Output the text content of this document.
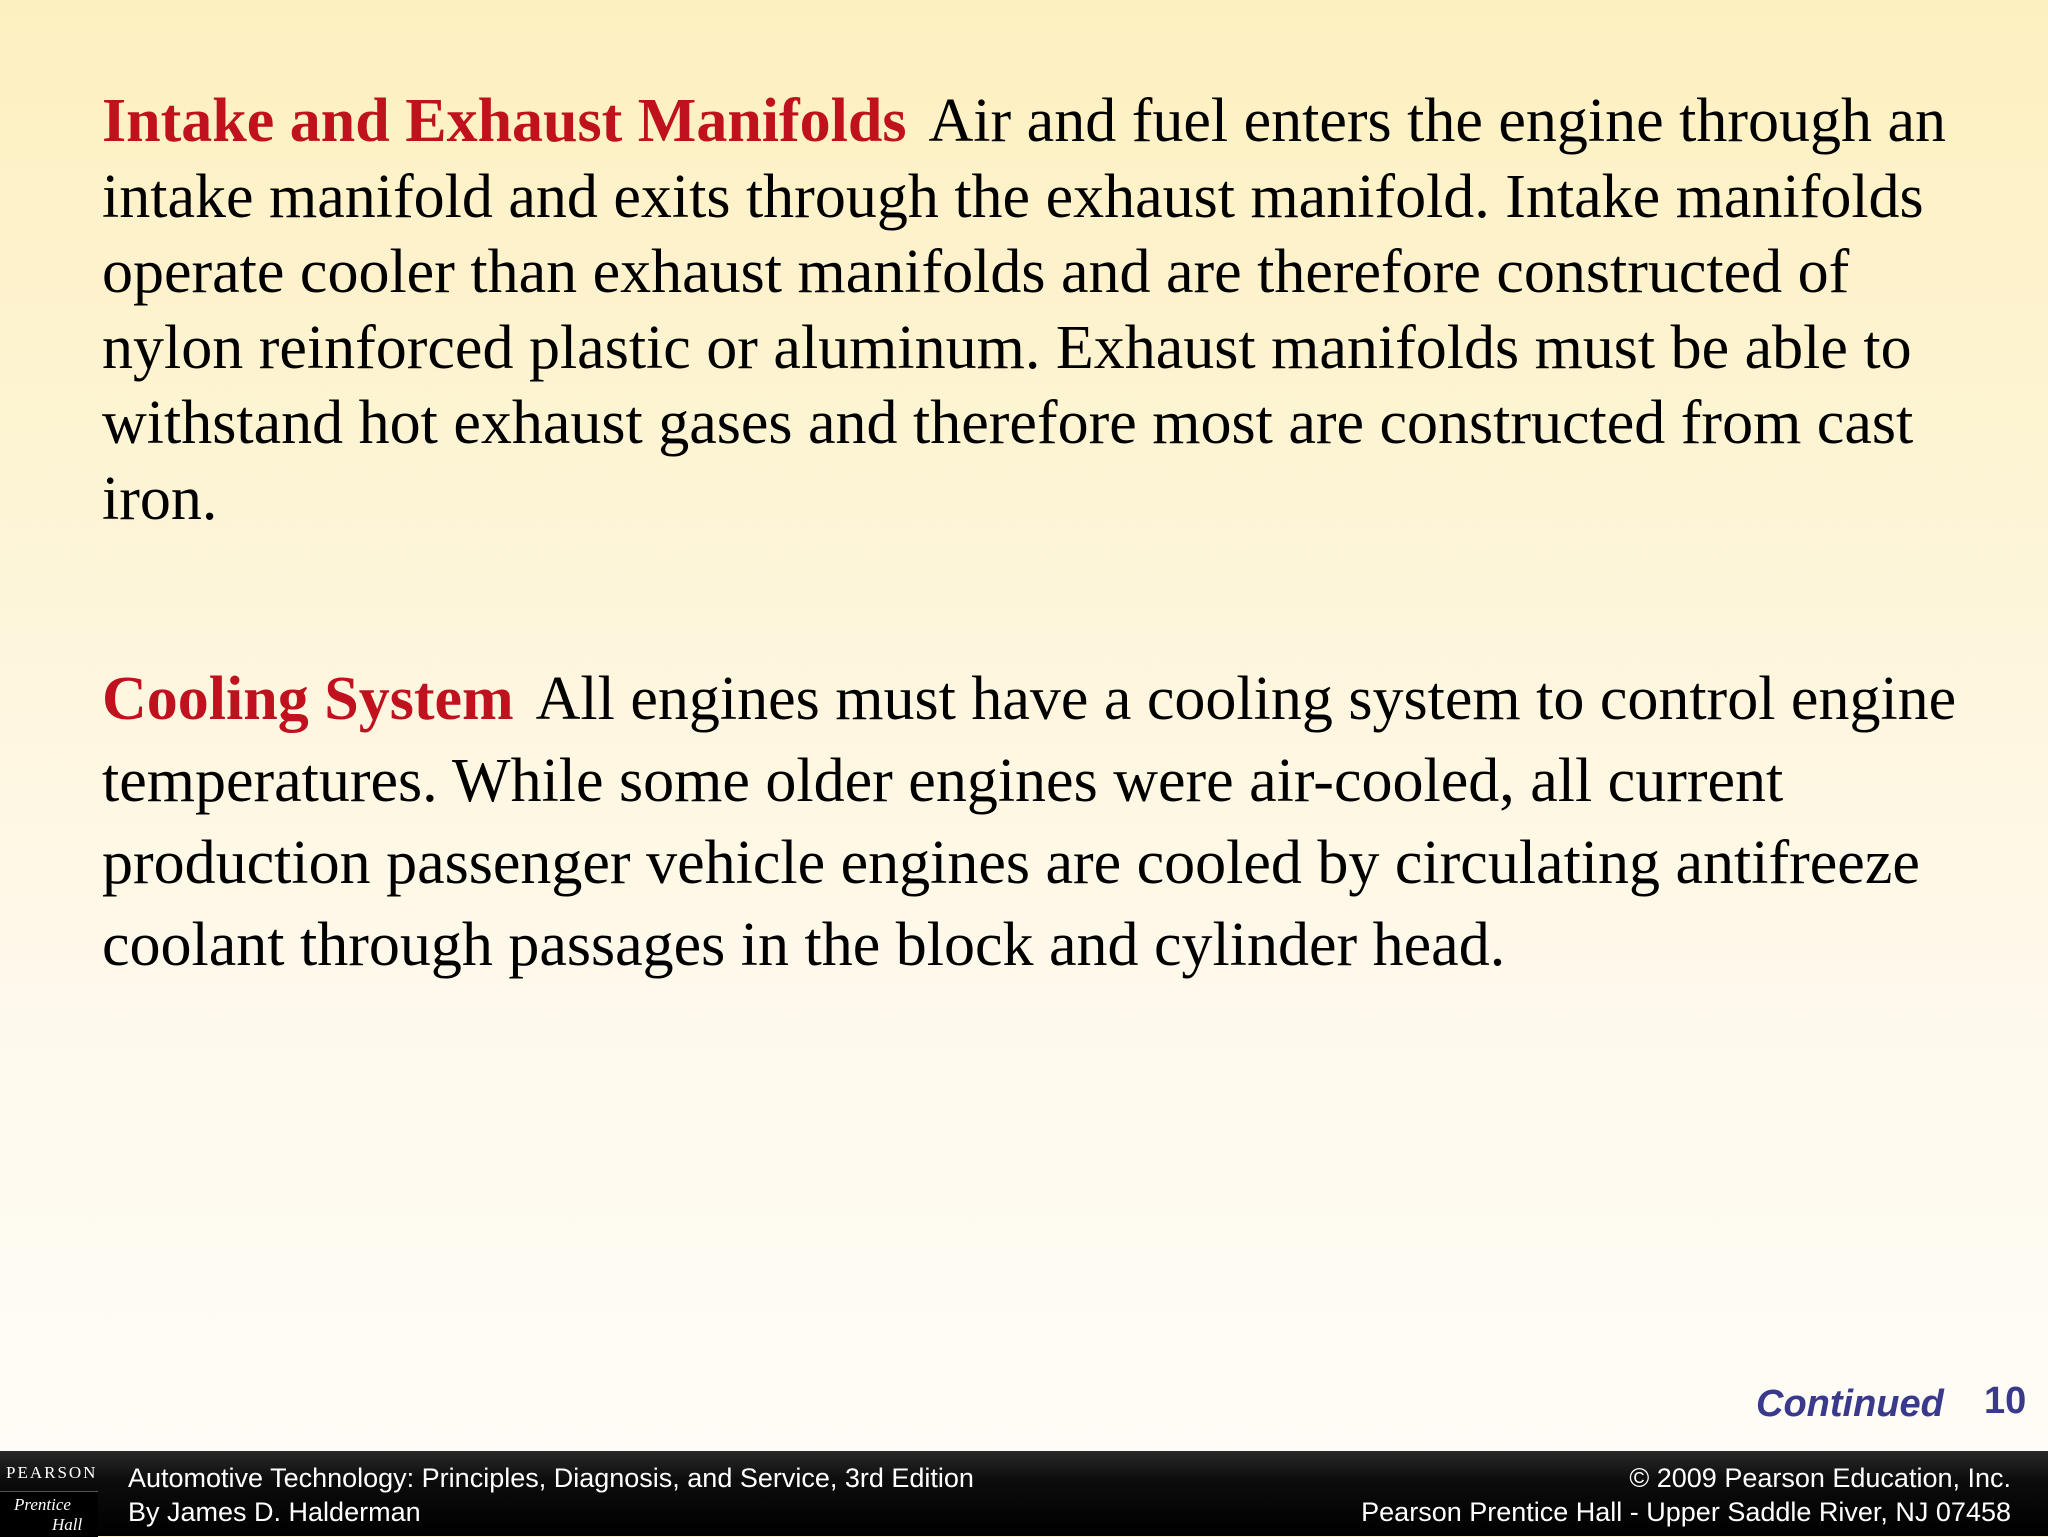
Intake and Exhaust Manifolds Air and fuel enters the engine through an intake manifold and exits through the exhaust manifold. Intake manifolds operate cooler than exhaust manifolds and are therefore constructed of nylon reinforced plastic or aluminum. Exhaust manifolds must be able to withstand hot exhaust gases and therefore most are constructed from cast iron.

Cooling System All engines must have a cooling system to control engine temperatures. While some older engines were air-cooled, all current production passenger vehicle engines are cooled by circulating antifreeze coolant through passages in the block and cylinder head.

Continued 10
PEARSON
Prentice
Hall
Automotive Technology: Principles, Diagnosis, and Service, 3rd Edition
By James D. Halderman
© 2009 Pearson Education, Inc.
Pearson Prentice Hall - Upper Saddle River, NJ 07458
